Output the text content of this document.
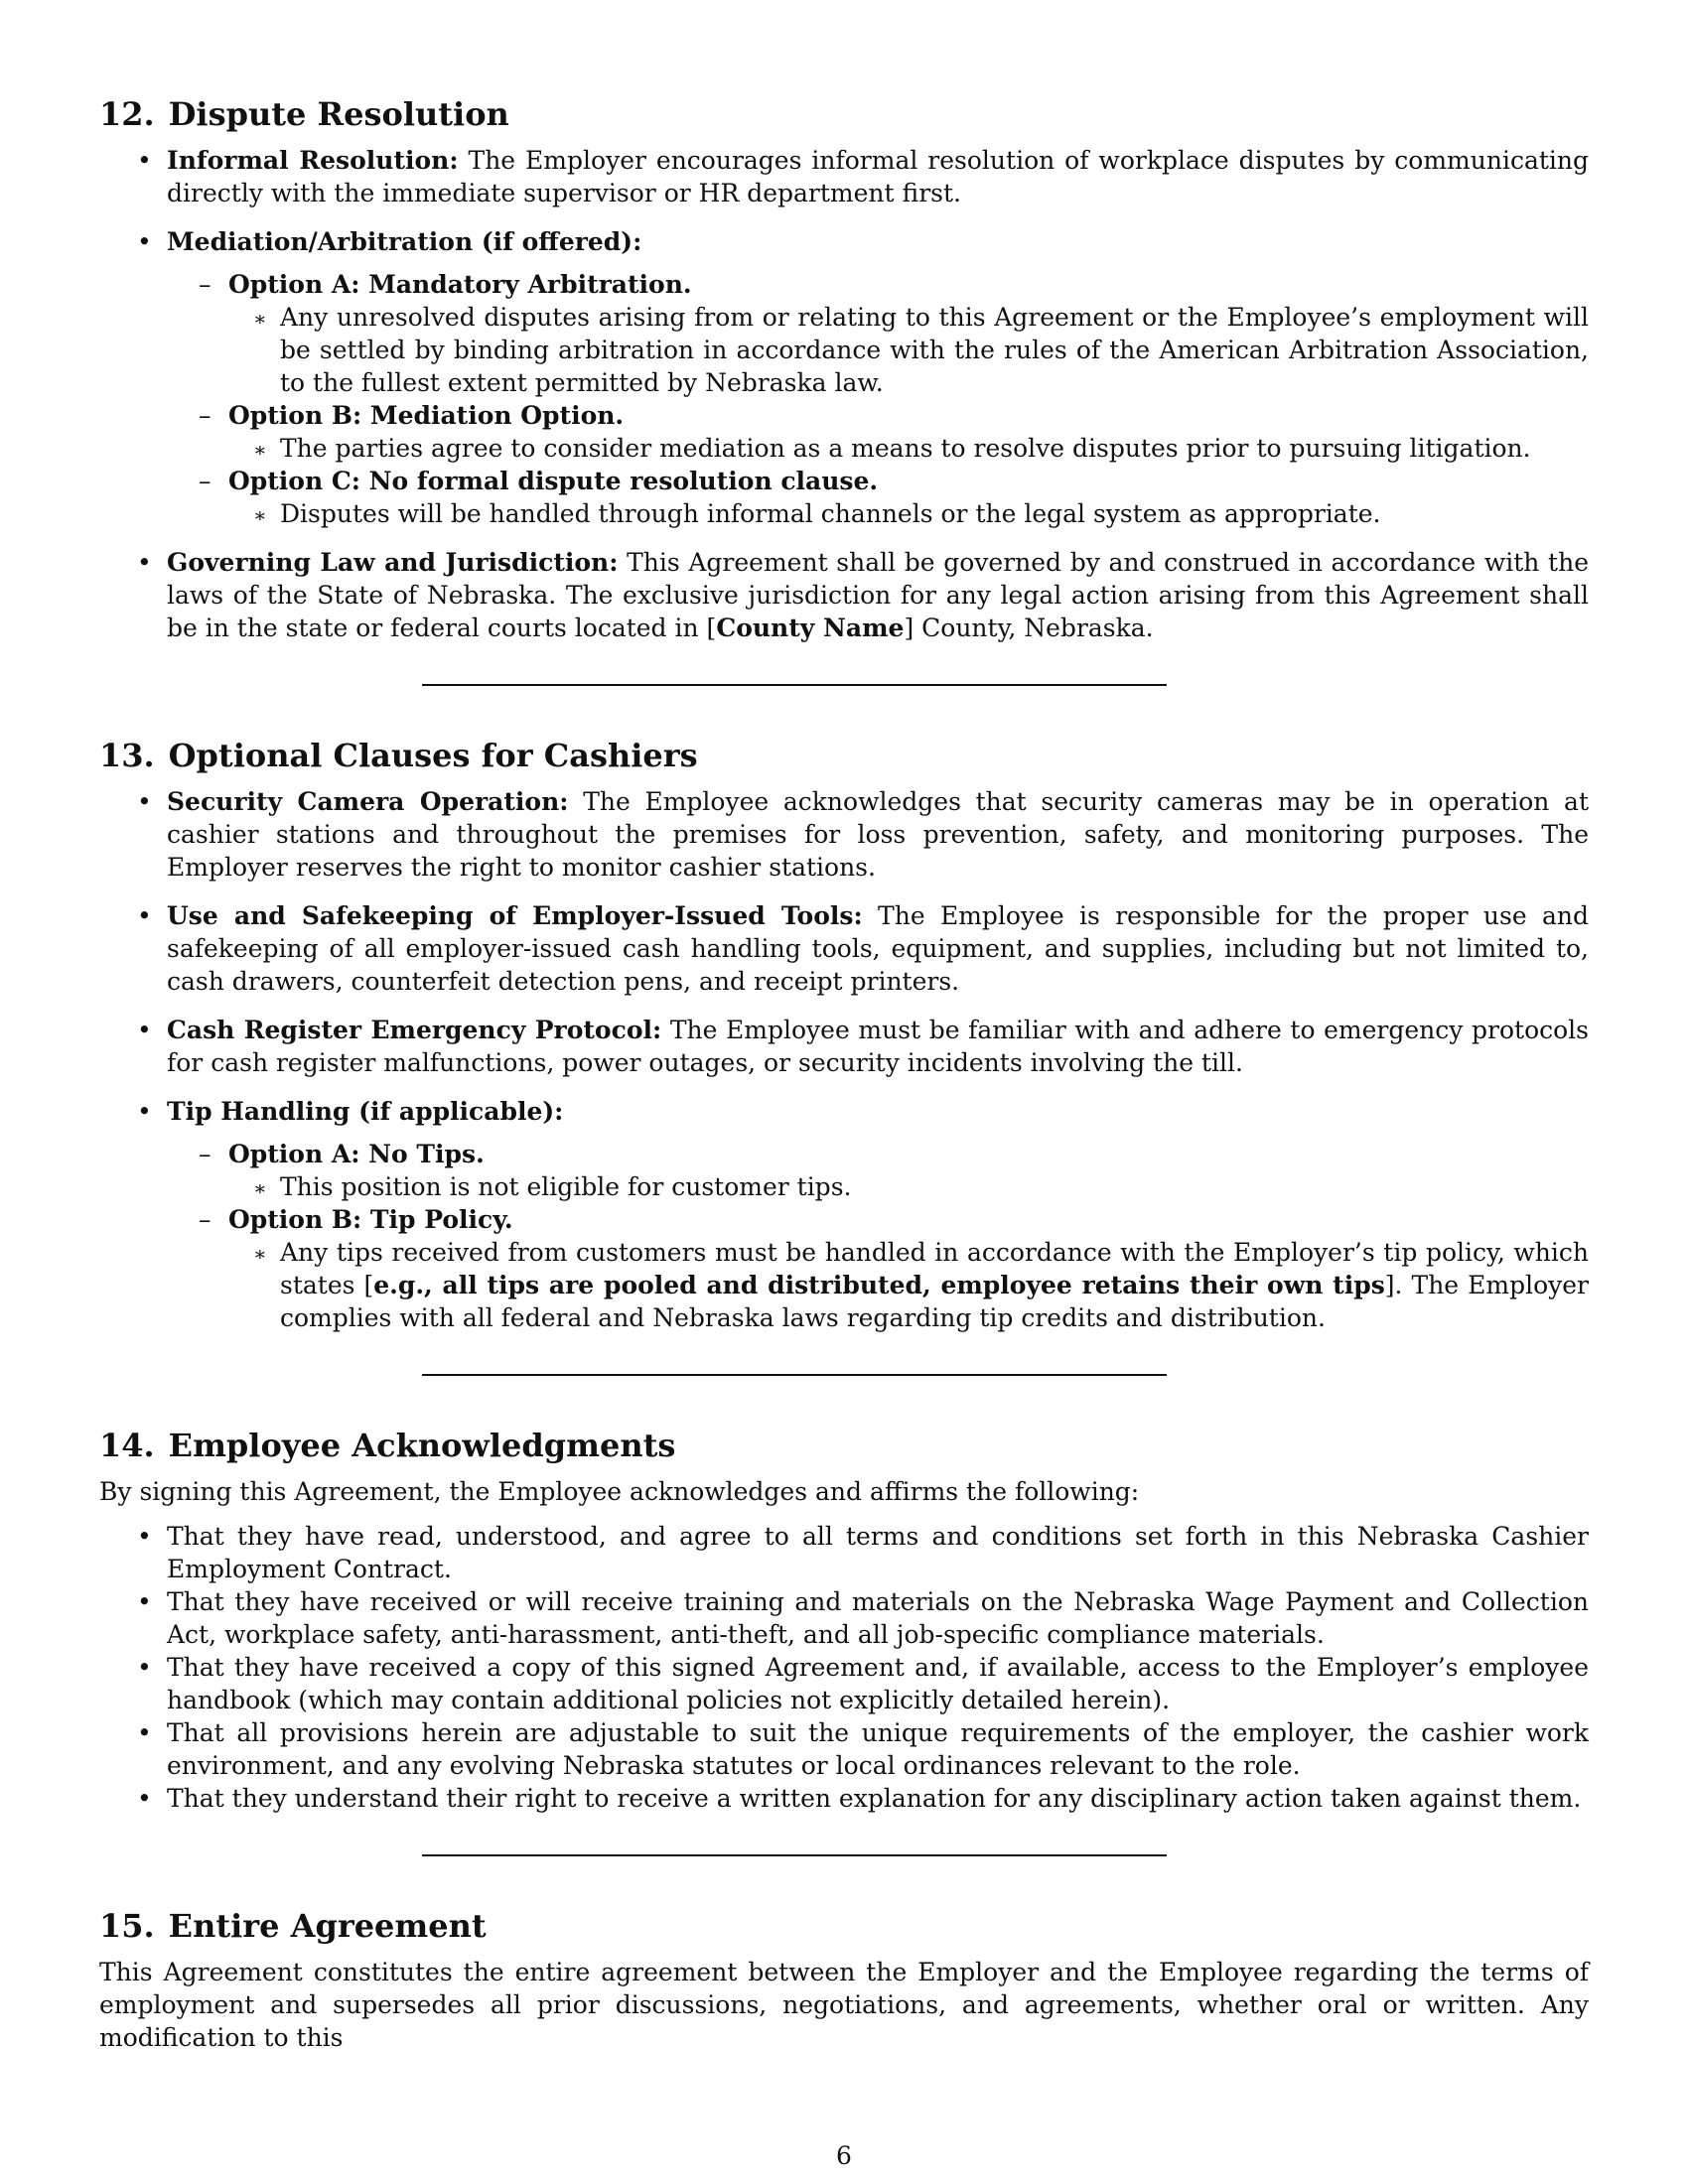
12. Dispute Resolution
• Informal Resolution: The Employer encourages informal resolution of workplace disputes by communicating directly with the immediate supervisor or HR department first.
• Mediation/Arbitration (if offered):
– Option A: Mandatory Arbitration.
∗ Any unresolved disputes arising from or relating to this Agreement or the Employee’s employment will be settled by binding arbitration in accordance with the rules of the American Arbitration Association, to the fullest extent permitted by Nebraska law.
– Option B: Mediation Option.
∗ The parties agree to consider mediation as a means to resolve disputes prior to pursuing litigation.
– Option C: No formal dispute resolution clause.
∗ Disputes will be handled through informal channels or the legal system as appropriate.
• Governing Law and Jurisdiction: This Agreement shall be governed by and construed in accordance with the laws of the State of Nebraska. The exclusive jurisdiction for any legal action arising from this Agreement shall be in the state or federal courts located in [County Name] County, Nebraska.
13. Optional Clauses for Cashiers
• Security Camera Operation: The Employee acknowledges that security cameras may be in operation at cashier stations and throughout the premises for loss prevention, safety, and monitoring purposes. The Employer reserves the right to monitor cashier stations.
• Use and Safekeeping of Employer-Issued Tools: The Employee is responsible for the proper use and safekeeping of all employer-issued cash handling tools, equipment, and supplies, including but not limited to, cash drawers, counterfeit detection pens, and receipt printers.
• Cash Register Emergency Protocol: The Employee must be familiar with and adhere to emergency protocols for cash register malfunctions, power outages, or security incidents involving the till.
• Tip Handling (if applicable):
– Option A: No Tips.
∗ This position is not eligible for customer tips.
– Option B: Tip Policy.
∗ Any tips received from customers must be handled in accordance with the Employer’s tip policy, which states [e.g., all tips are pooled and distributed, employee retains their own tips]. The Employer complies with all federal and Nebraska laws regarding tip credits and distribution.
14. Employee Acknowledgments
By signing this Agreement, the Employee acknowledges and affirms the following:
• That they have read, understood, and agree to all terms and conditions set forth in this Nebraska Cashier Employment Contract.
• That they have received or will receive training and materials on the Nebraska Wage Payment and Collection Act, workplace safety, anti-harassment, anti-theft, and all job-specific compliance materials.
• That they have received a copy of this signed Agreement and, if available, access to the Employer’s employee handbook (which may contain additional policies not explicitly detailed herein).
• That all provisions herein are adjustable to suit the unique requirements of the employer, the cashier work environment, and any evolving Nebraska statutes or local ordinances relevant to the role.
• That they understand their right to receive a written explanation for any disciplinary action taken against them.
15. Entire Agreement
This Agreement constitutes the entire agreement between the Employer and the Employee regarding the terms of employment and supersedes all prior discussions, negotiations, and agreements, whether oral or written. Any modification to this
6
